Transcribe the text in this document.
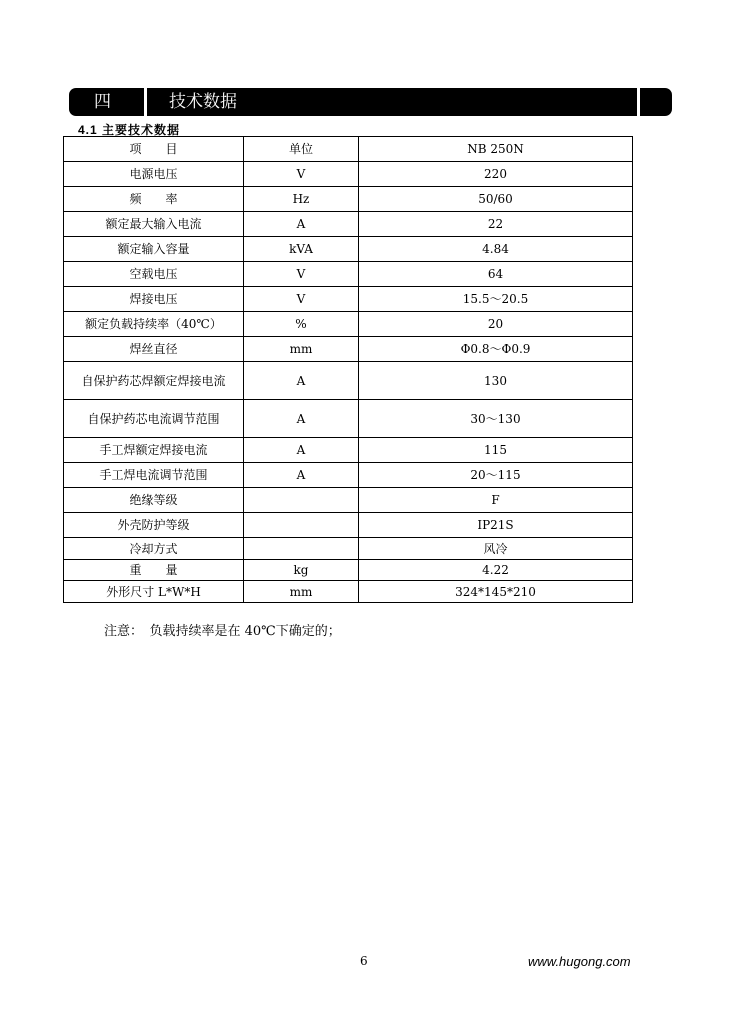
四	技术数据
4.1 主要技术数据
项　　目	单位	NB 250N
电源电压	V	220
频　　率	Hz	50/60
额定最大输入电流	A	22
额定输入容量	kVA	4.84
空载电压	V	64
焊接电压	V	15.5～20.5
额定负载持续率（40℃）	%	20
焊丝直径	mm	Φ0.8～Φ0.9
自保护药芯焊额定焊接电流	A	130
自保护药芯电流调节范围	A	30～130
手工焊额定焊接电流	A	115
手工焊电流调节范围	A	20～115
绝缘等级		F
外壳防护等级		IP21S
冷却方式		风冷
重　　量	kg	4.22
外形尺寸 L*W*H	mm	324*145*210
注意：　负载持续率是在 40℃下确定的；
6	www.hugong.com
